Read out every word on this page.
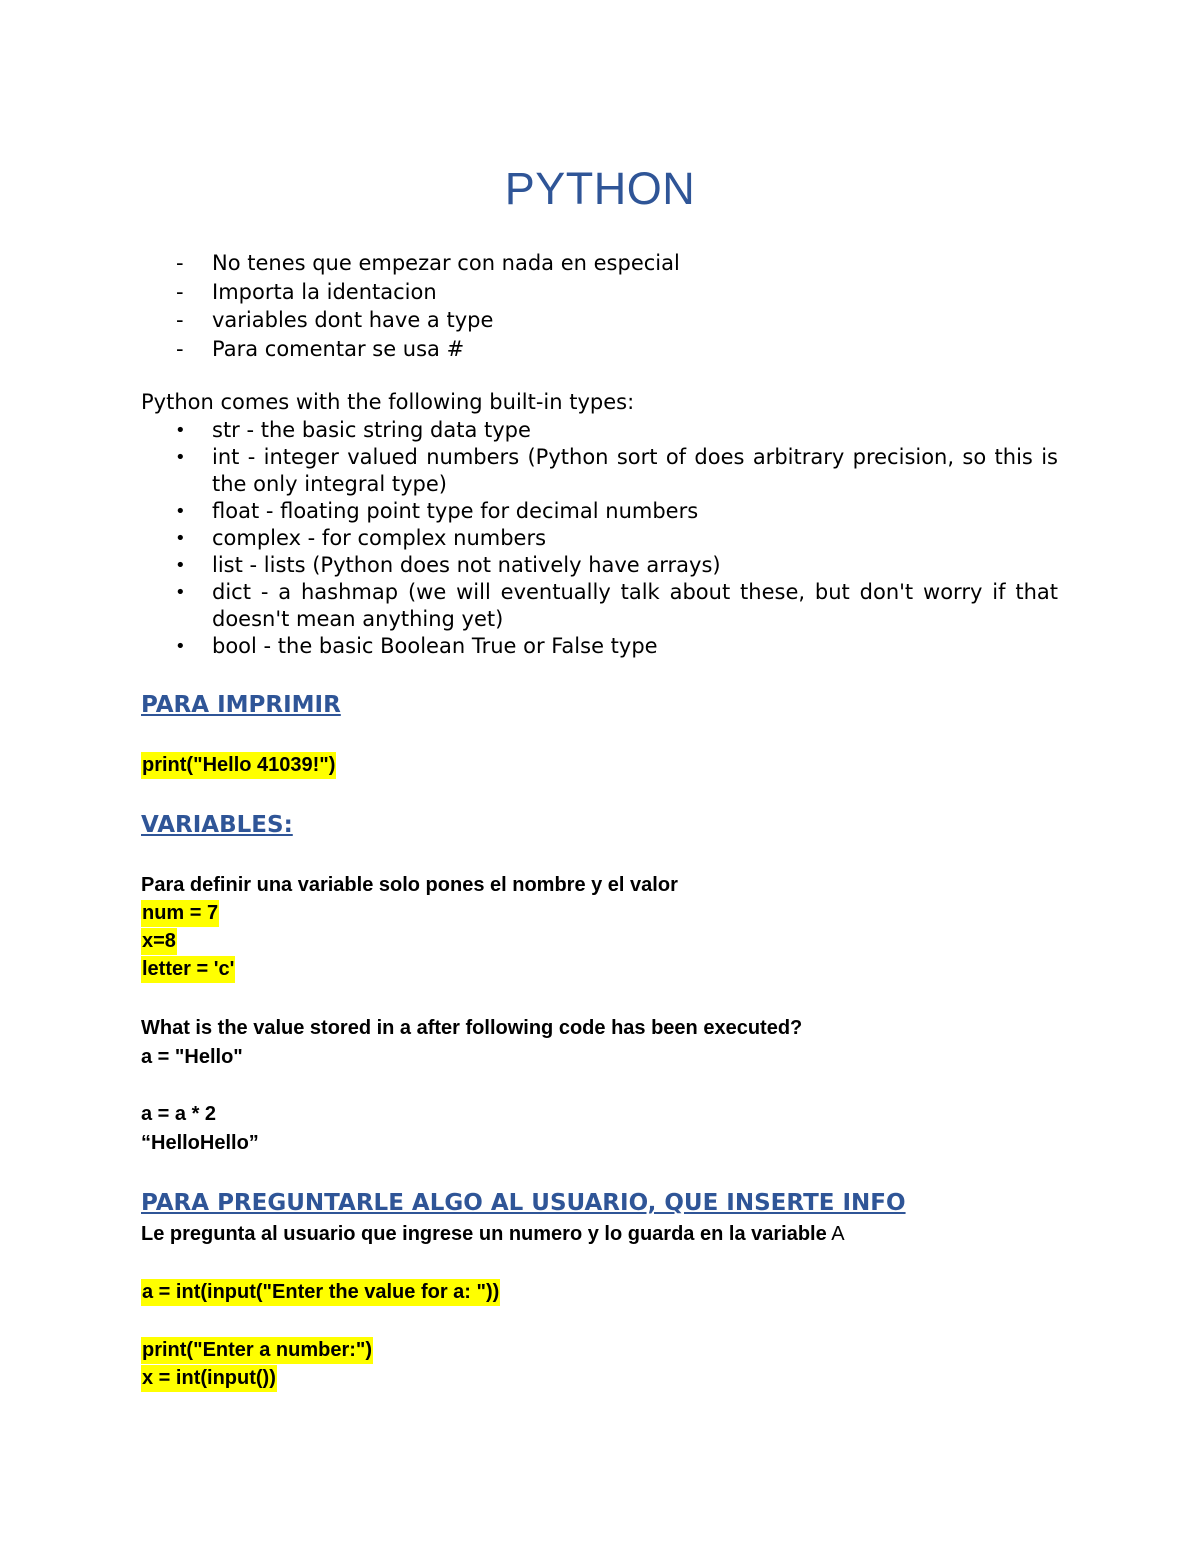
PYTHON
- No tenes que empezar con nada en especial
- Importa la identacion
- variables dont have a type
- Para comentar se usa #
Python comes with the following built-in types:
• str - the basic string data type
• int - integer valued numbers (Python sort of does arbitrary precision, so this is the only integral type)
• float - floating point type for decimal numbers
• complex - for complex numbers
• list - lists (Python does not natively have arrays)
• dict - a hashmap (we will eventually talk about these, but don't worry if that doesn't mean anything yet)
• bool - the basic Boolean True or False type
PARA IMPRIMIR
print("Hello 41039!")
VARIABLES:
Para definir una variable solo pones el nombre y el valor
num = 7
x=8
letter = 'c'
What is the value stored in a after following code has been executed?
a = "Hello"
a = a * 2
“HelloHello”
PARA PREGUNTARLE ALGO AL USUARIO, QUE INSERTE INFO
Le pregunta al usuario que ingrese un numero y lo guarda en la variable A
a = int(input("Enter the value for a: "))
print("Enter a number:")
x = int(input())
